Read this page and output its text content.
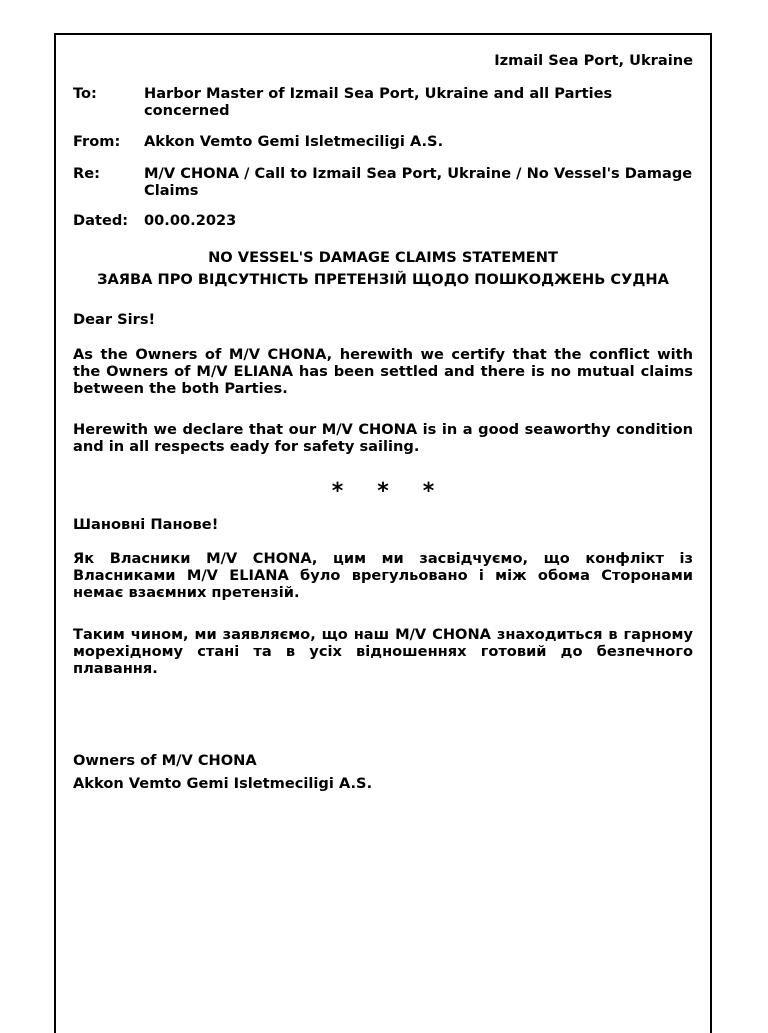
Izmail Sea Port, Ukraine
To:	Harbor Master of Izmail Sea Port, Ukraine and all Parties concerned
From: Akkon Vemto Gemi Isletmeciligi A.S.
Re:	M/V CHONA / Call to Izmail Sea Port, Ukraine / No Vessel's Damage Claims
Dated: 00.00.2023
NO VESSEL'S DAMAGE CLAIMS STATEMENT
ЗАЯВА ПРО ВІДСУТНІСТЬ ПРЕТЕНЗІЙ ЩОДО ПОШКОДЖЕНЬ СУДНА
Dear Sirs!
As the Owners of M/V CHONA, herewith we certify that the conflict with the Owners of M/V ELIANA has been settled and there is no mutual claims between the both Parties.
Herewith we declare that our M/V CHONA is in a good seaworthy condition and in all respects eady for safety sailing.
* * *
Шановні Панове!
Як Власники M/V CHONA, цим ми засвідчуємо, що конфлікт із Власниками M/V ELIANA було врегульовано і між обома Сторонами немає взаємних претензій.
Таким чином, ми заявляємо, що наш M/V CHONA знаходиться в гарному морехідному стані та в усіх відношеннях готовий до безпечного плавання.
Owners of M/V CHONA
Akkon Vemto Gemi Isletmeciligi A.S.
